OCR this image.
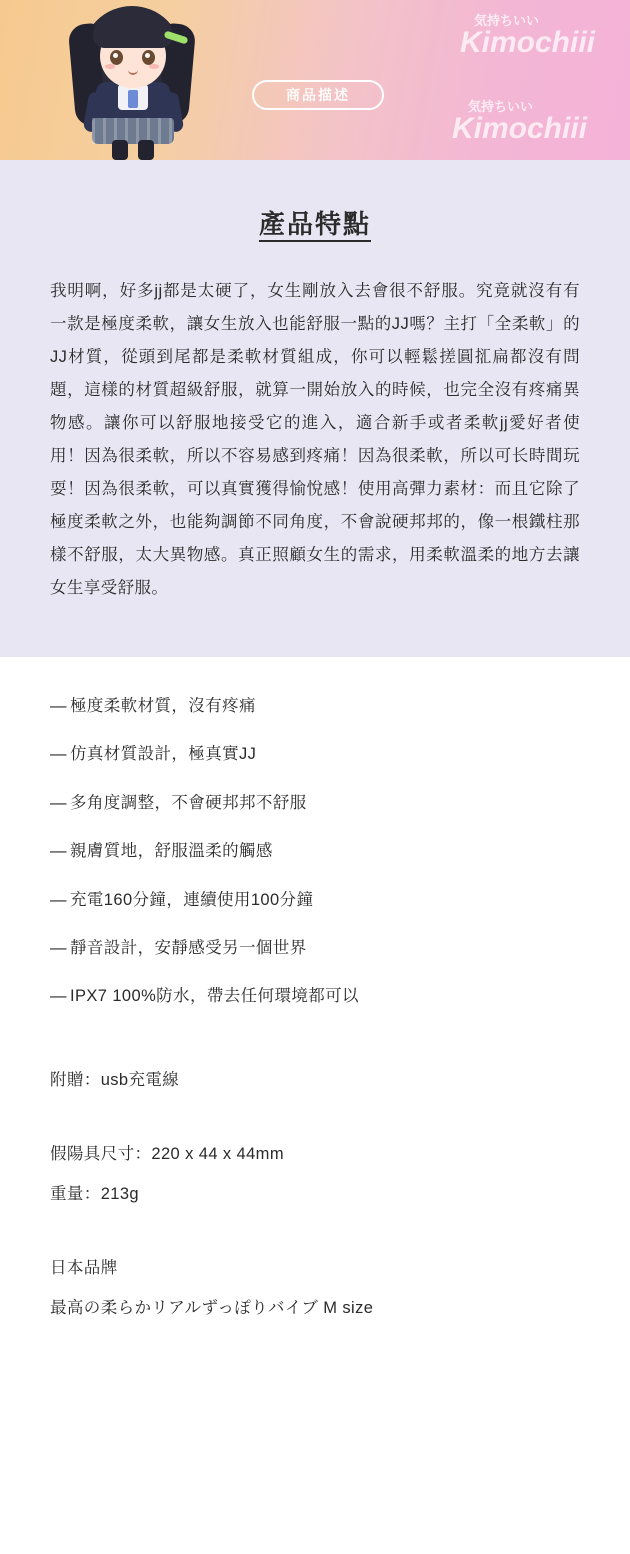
気持ちいい
Kimochiii
気持ちいい
Kimochiii
商品描述
產品特點

我明啊，好多jj都是太硬了，女生剛放入去會很不舒服。究竟就沒有有一款是極度柔軟，讓女生放入也能舒服一點的JJ嗎？主打「全柔軟」的JJ材質，從頭到尾都是柔軟材質組成，你可以輕鬆搓圓㧟扁都沒有問題，這樣的材質超級舒服，就算一開始放入的時候，也完全沒有疼痛異物感。讓你可以舒服地接受它的進入，適合新手或者柔軟jj愛好者使用！因為很柔軟，所以不容易感到疼痛！因為很柔軟，所以可长時間玩耍！因為很柔軟，可以真實獲得愉悅感！使用高彈力素材：而且它除了極度柔軟之外，也能夠調節不同角度，不會說硬邦邦的，像一根鐵柱那樣不舒服，太大異物感。真正照顧女生的需求，用柔軟溫柔的地方去讓女生享受舒服。

— 極度柔軟材質，沒有疼痛
— 仿真材質設計，極真實JJ
— 多角度調整，不會硬邦邦不舒服
— 親膚質地，舒服溫柔的觸感
— 充電160分鐘，連續使用100分鐘
— 靜音設計，安靜感受另一個世界
— IPX7 100%防水，帶去任何環境都可以
附贈：usb充電線
假陽具尺寸：220 x 44 x 44mm
重量：213g
日本品牌
最高の柔らかリアルずっぽりバイブ M size
